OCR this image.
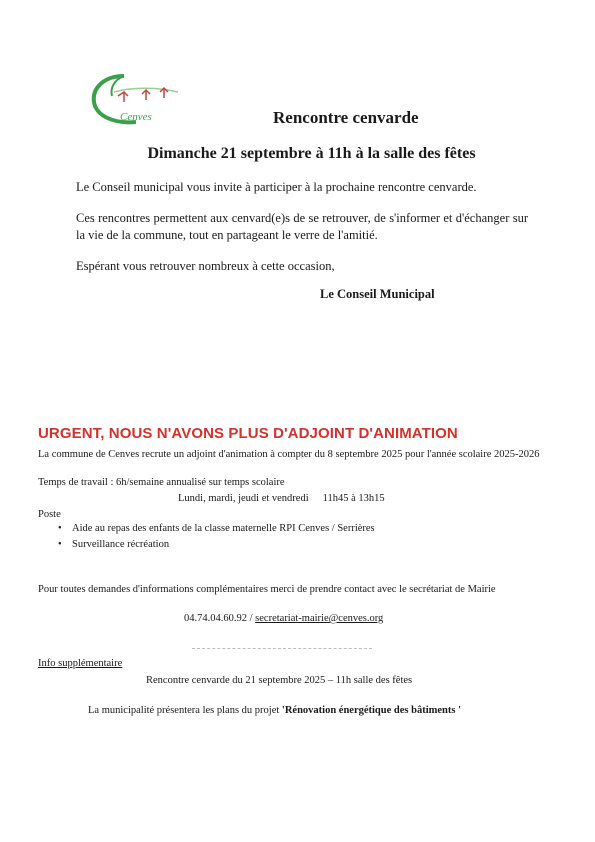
Cenves	Rencontre cenvarde
Dimanche 21 septembre à 11h à la salle des fêtes
Le Conseil municipal vous invite à participer à la prochaine rencontre cenvarde.
Ces rencontres permettent aux cenvard(e)s de se retrouver, de s'informer et d'échanger sur la vie de la commune, tout en partageant le verre de l'amitié.
Espérant vous retrouver nombreux à cette occasion,
Le Conseil Municipal
URGENT, NOUS N'AVONS PLUS D'ADJOINT D'ANIMATION
La commune de Cenves recrute un adjoint d'animation à compter du 8 septembre 2025 pour l'année scolaire 2025-2026
Temps de travail : 6h/semaine annualisé sur temps scolaire
Lundi, mardi, jeudi et vendredi 11h45 à 13h15
Poste
• Aide au repas des enfants de la classe maternelle RPI Cenves / Serrières
• Surveillance récréation
Pour toutes demandes d'informations complémentaires merci de prendre contact avec le secrétariat de Mairie
04.74.04.60.92 / secretariat-mairie@cenves.org
Info supplémentaire
Rencontre cenvarde du 21 septembre 2025 – 11h salle des fêtes
La municipalité présentera les plans du projet 'Rénovation énergétique des bâtiments '
